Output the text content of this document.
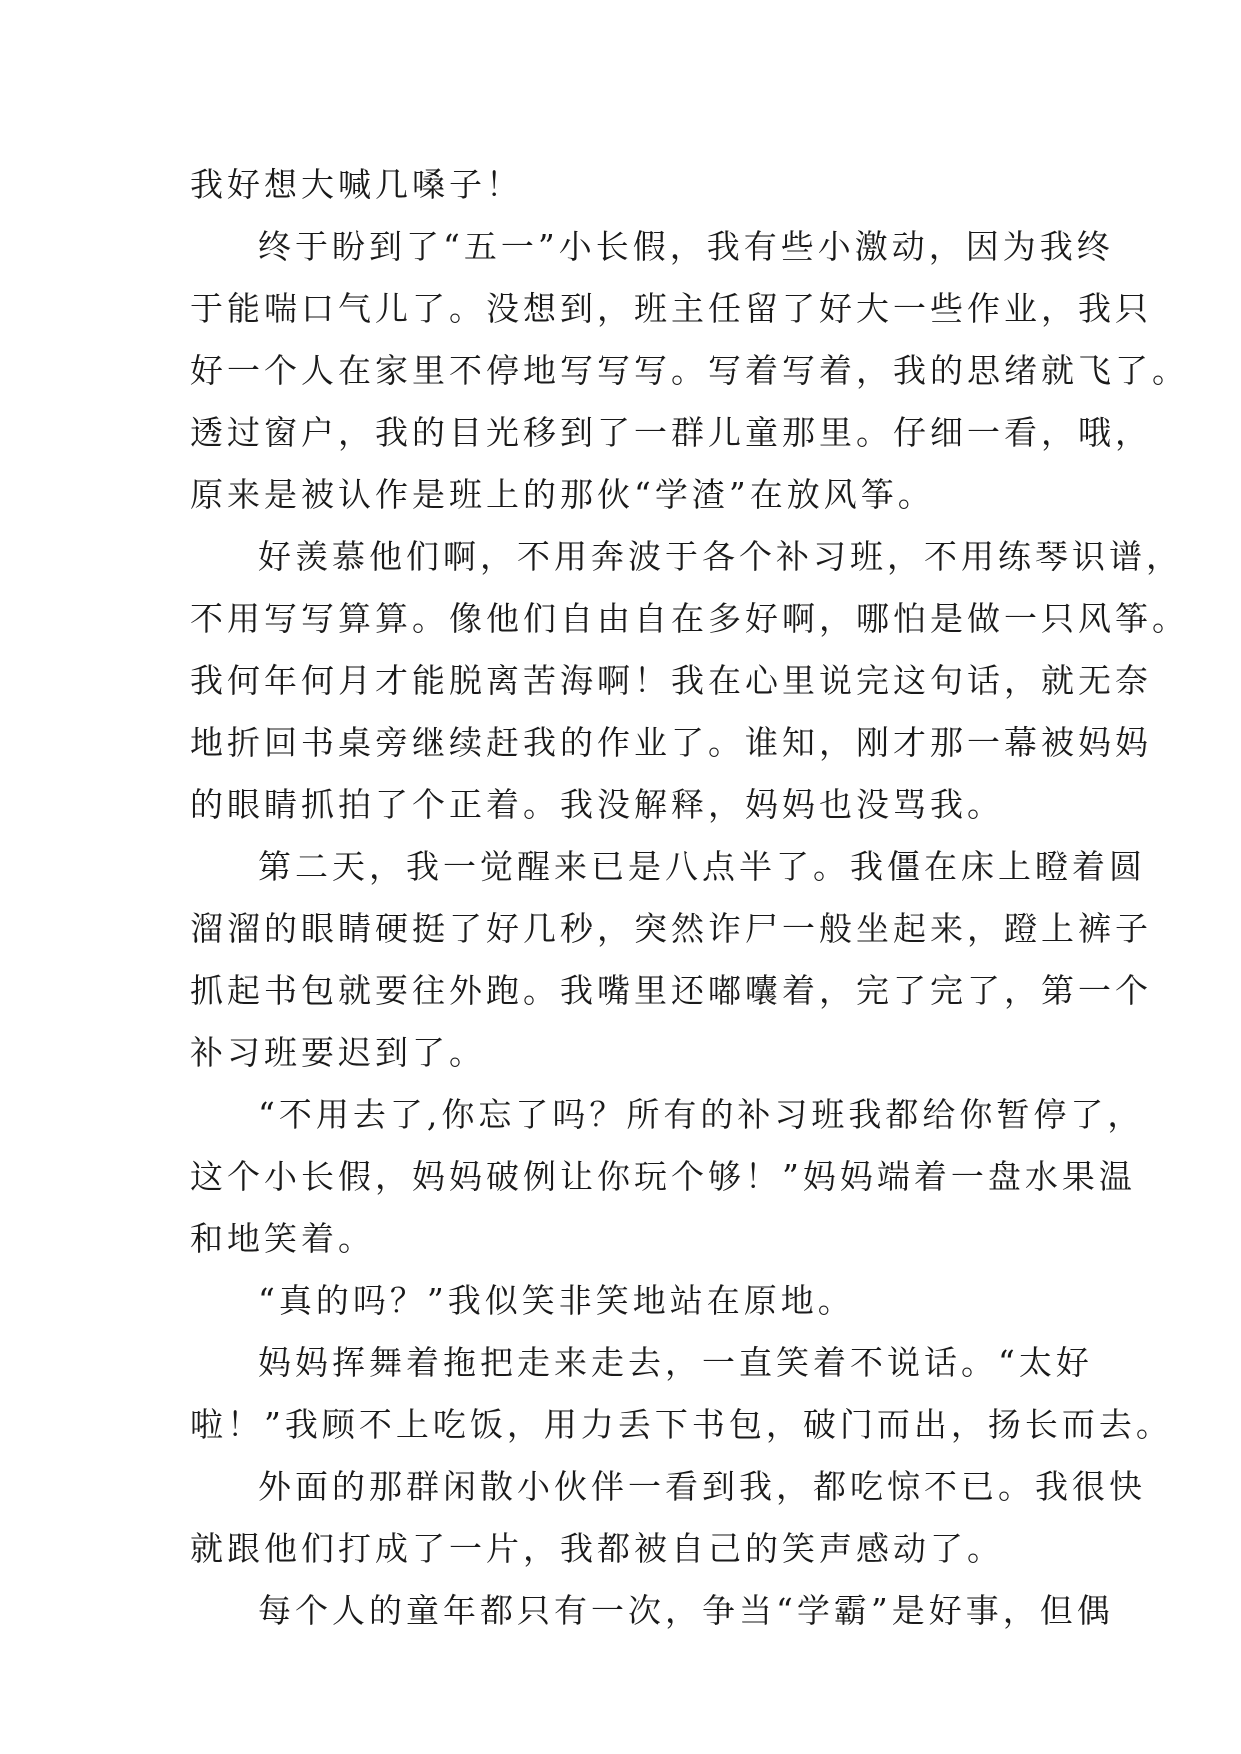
我好想大喊几嗓子！
终于盼到了“五一”小长假，我有些小激动，因为我终
于能喘口气儿了。没想到，班主任留了好大一些作业，我只
好一个人在家里不停地写写写。写着写着，我的思绪就飞了。
透过窗户，我的目光移到了一群儿童那里。仔细一看，哦，
原来是被认作是班上的那伙“学渣”在放风筝。
好羡慕他们啊，不用奔波于各个补习班，不用练琴识谱，
不用写写算算。像他们自由自在多好啊，哪怕是做一只风筝。
我何年何月才能脱离苦海啊！我在心里说完这句话，就无奈
地折回书桌旁继续赶我的作业了。谁知，刚才那一幕被妈妈
的眼睛抓拍了个正着。我没解释，妈妈也没骂我。
第二天，我一觉醒来已是八点半了。我僵在床上瞪着圆
溜溜的眼睛硬挺了好几秒，突然诈尸一般坐起来，蹬上裤子
抓起书包就要往外跑。我嘴里还嘟囔着，完了完了，第一个
补习班要迟到了。
“不用去了,你忘了吗？所有的补习班我都给你暂停了，
这个小长假，妈妈破例让你玩个够！”妈妈端着一盘水果温
和地笑着。
“真的吗？”我似笑非笑地站在原地。
妈妈挥舞着拖把走来走去，一直笑着不说话。“太好
啦！”我顾不上吃饭，用力丢下书包，破门而出，扬长而去。
外面的那群闲散小伙伴一看到我，都吃惊不已。我很快
就跟他们打成了一片，我都被自己的笑声感动了。
每个人的童年都只有一次，争当“学霸”是好事，但偶
